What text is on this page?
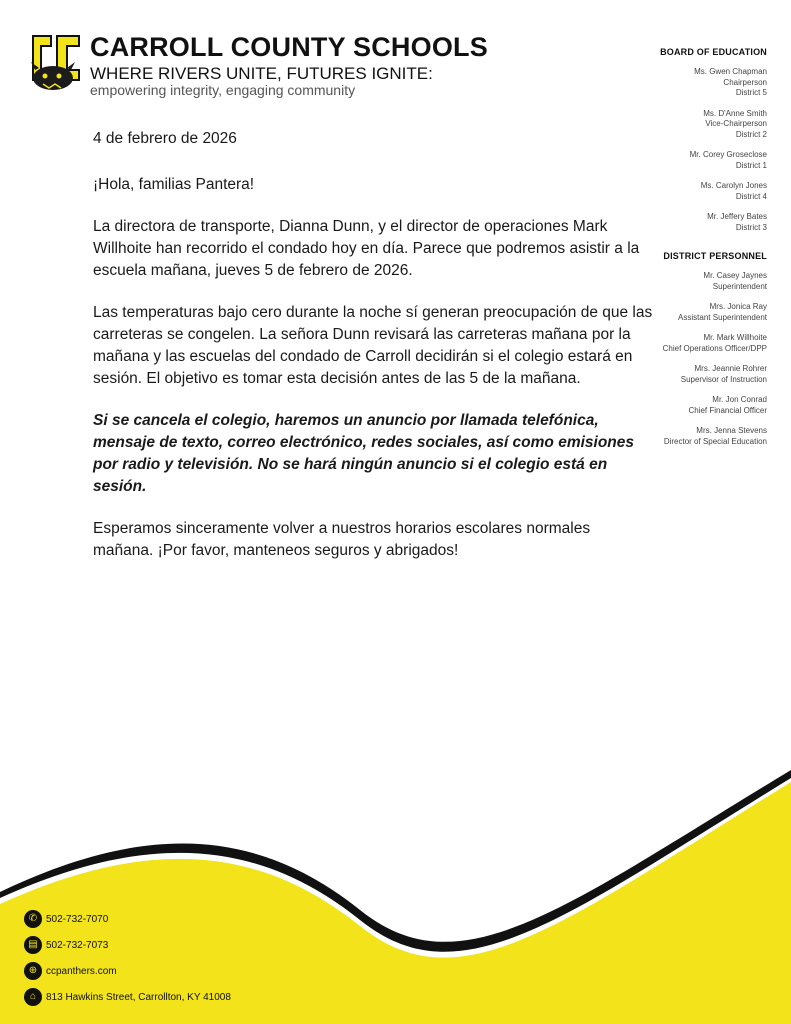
CARROLL COUNTY SCHOOLS
WHERE RIVERS UNITE, FUTURES IGNITE:
empowering integrity, engaging community

4 de febrero de 2026

¡Hola, familias Pantera!

La directora de transporte, Dianna Dunn, y el director de operaciones Mark Willhoite han recorrido el condado hoy en día. Parece que podremos asistir a la escuela mañana, jueves 5 de febrero de 2026.

Las temperaturas bajo cero durante la noche sí generan preocupación de que las carreteras se congelen. La señora Dunn revisará las carreteras mañana por la mañana y las escuelas del condado de Carroll decidirán si el colegio estará en sesión. El objetivo es tomar esta decisión antes de las 5 de la mañana.

Si se cancela el colegio, haremos un anuncio por llamada telefónica, mensaje de texto, correo electrónico, redes sociales, así como emisiones por radio y televisión. No se hará ningún anuncio si el colegio está en sesión.

Esperamos sinceramente volver a nuestros horarios escolares normales mañana. ¡Por favor, manteneos seguros y abrigados!

BOARD OF EDUCATION
Ms. Gwen Chapman
Chairperson
District 5
Ms. D'Anne Smith
Vice-Chairperson
District 2
Mr. Corey Groseclose
District 1
Ms. Carolyn Jones
District 4
Mr. Jeffery Bates
District 3
DISTRICT PERSONNEL
Mr. Casey Jaynes
Superintendent
Mrs. Jonica Ray
Assistant Superintendent
Mr. Mark Willhoite
Chief Operations Officer/DPP
Mrs. Jeannie Rohrer
Supervisor of Instruction
Mr. Jon Conrad
Chief Financial Officer
Mrs. Jenna Stevens
Director of Special Education
✆ 502-732-7070
▤ 502-732-7073
⊕ ccpanthers.com
⌂ 813 Hawkins Street, Carrollton, KY 41008
